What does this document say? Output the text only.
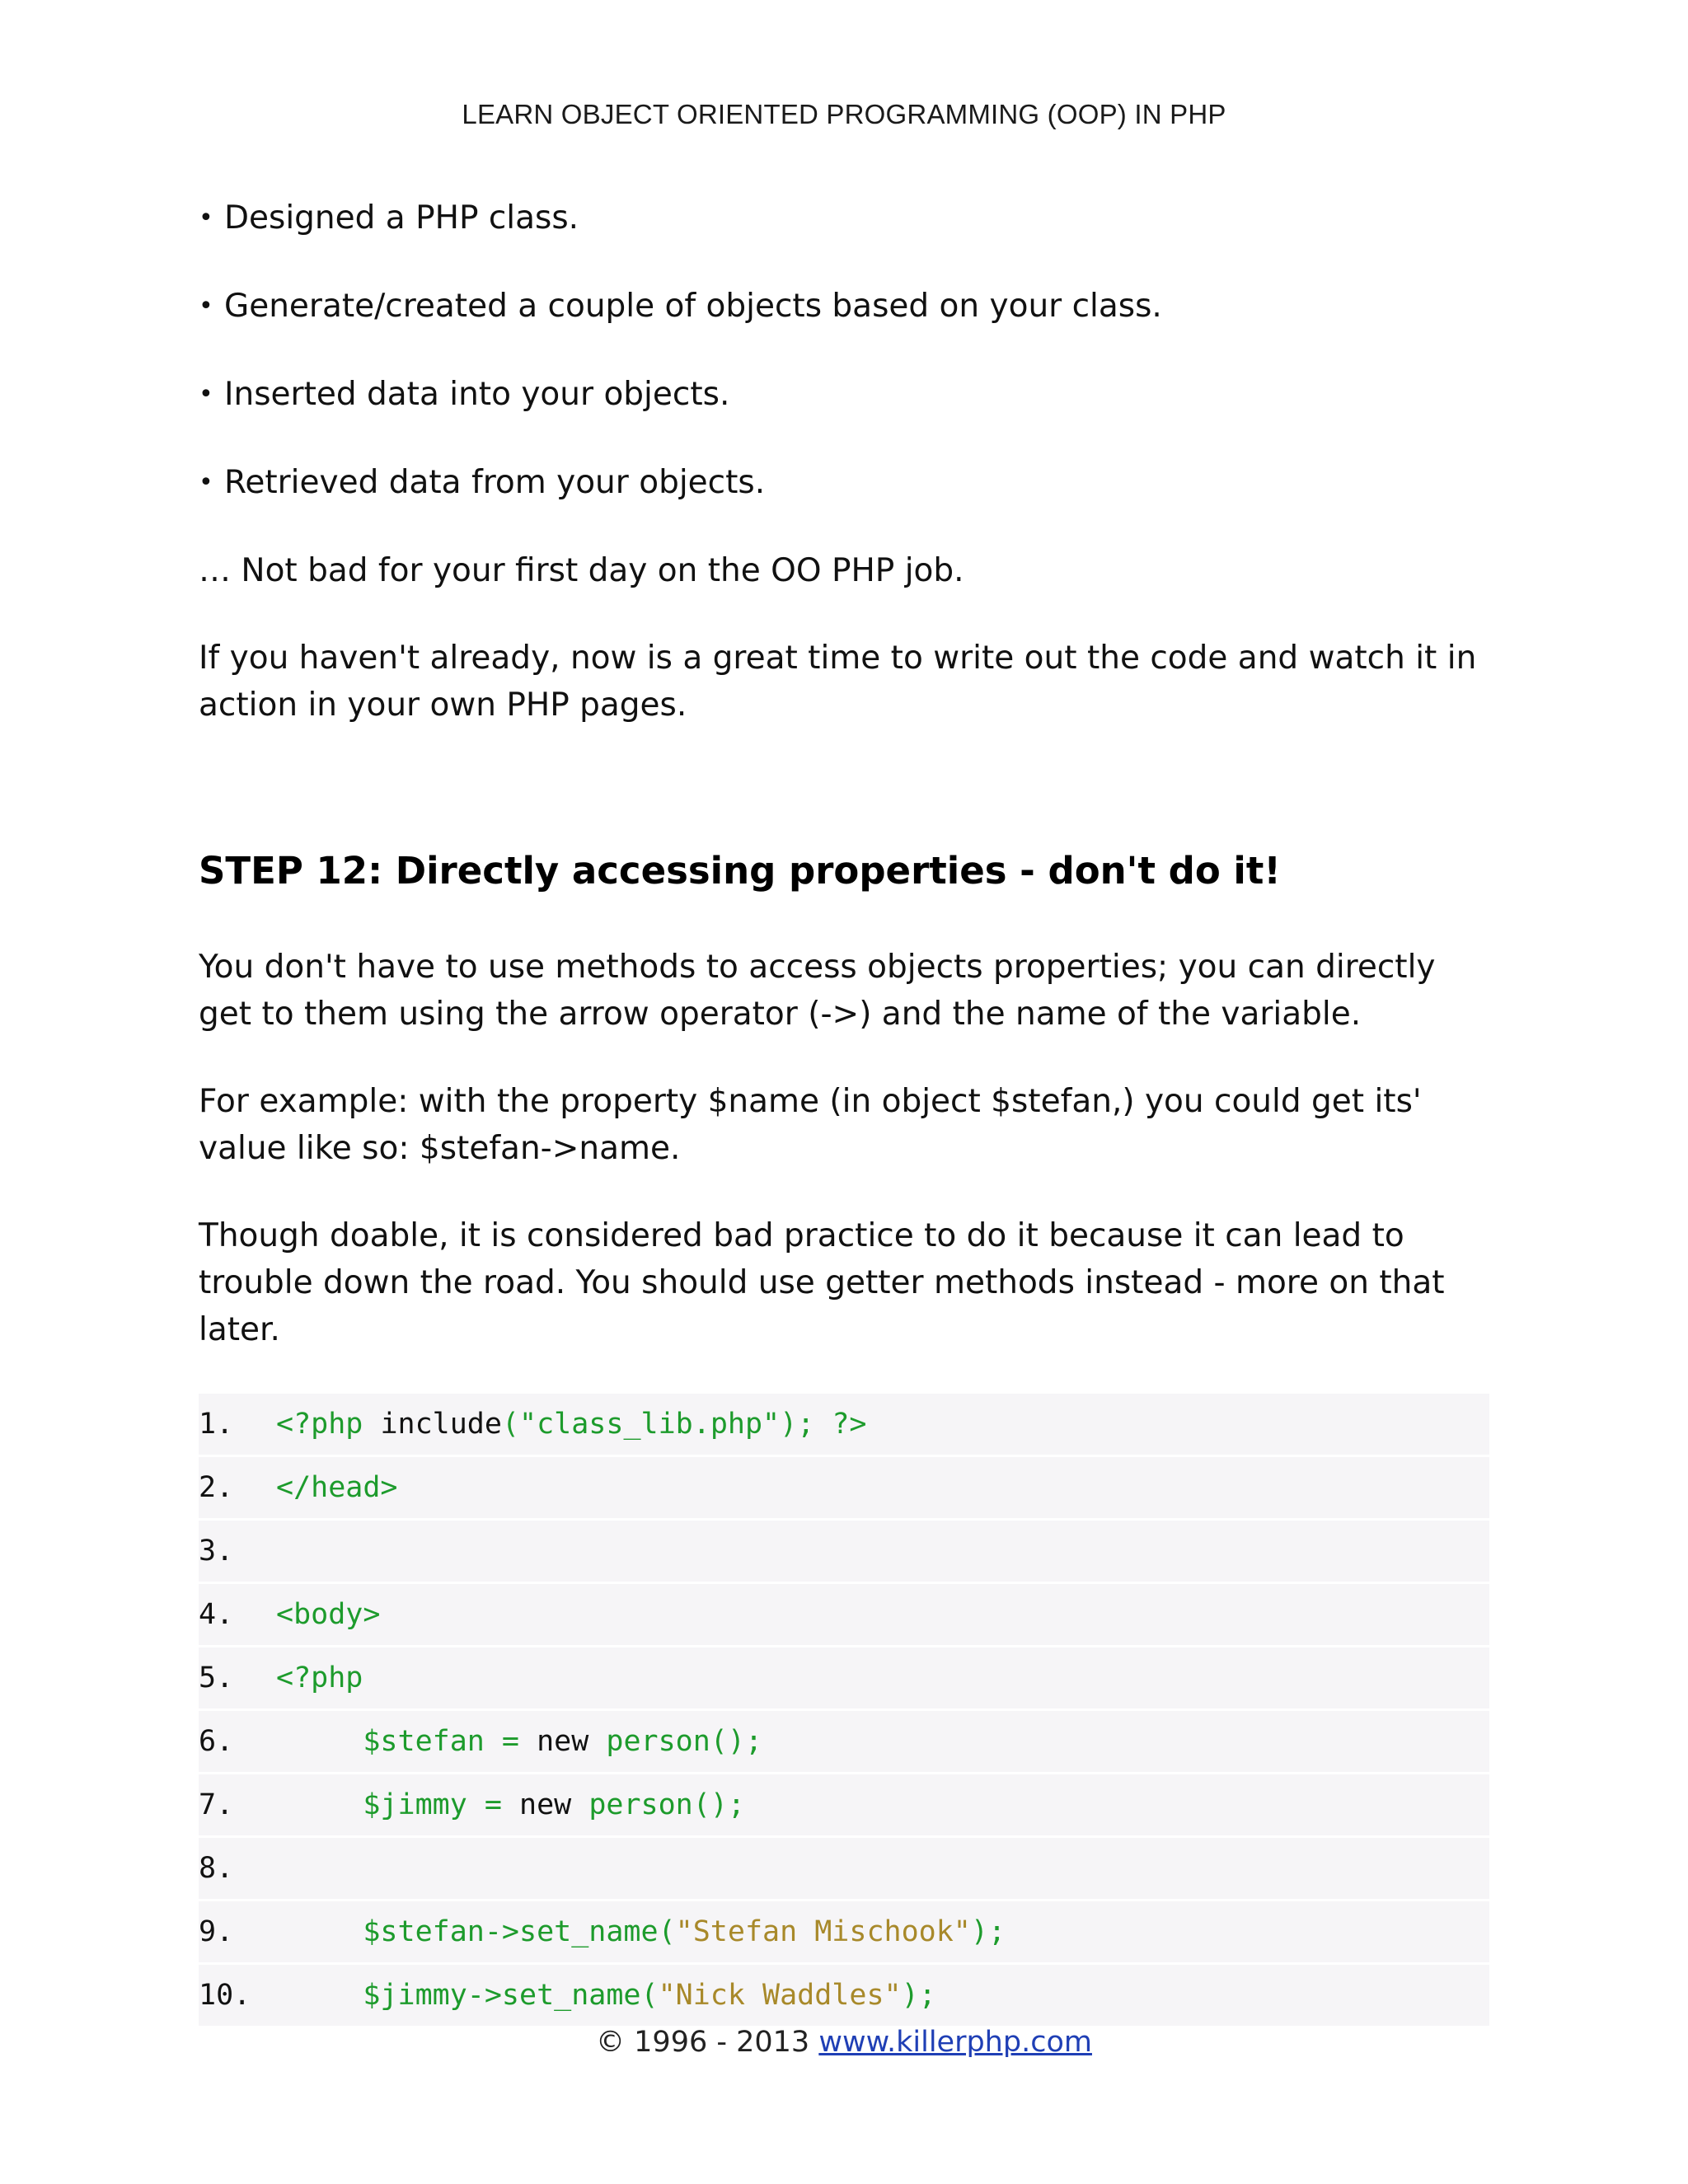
LEARN OBJECT ORIENTED PROGRAMMING (OOP) IN PHP
• Designed a PHP class.
• Generate/created a couple of objects based on your class.
• Inserted data into your objects.
• Retrieved data from your objects.

… Not bad for your first day on the OO PHP job.

If you haven't already, now is a great time to write out the code and watch it in action in your own PHP pages.

STEP 12: Directly accessing properties - don't do it!

You don't have to use methods to access objects properties; you can directly get to them using the arrow operator (->) and the name of the variable.

For example: with the property $name (in object $stefan,) you could get its' value like so: $stefan->name.

Though doable, it is considered bad practice to do it because it can lead to trouble down the road. You should use getter methods instead - more on that later.

1.	<?php include("class_lib.php"); ?>
2.	</head>
3.
4.	<body>
5.	<?php
6.	$stefan = new person();
7.	$jimmy = new person();
8.
9.	$stefan->set_name("Stefan Mischook");
10.	$jimmy->set_name("Nick Waddles");
© 1996 - 2013 www.killerphp.com
